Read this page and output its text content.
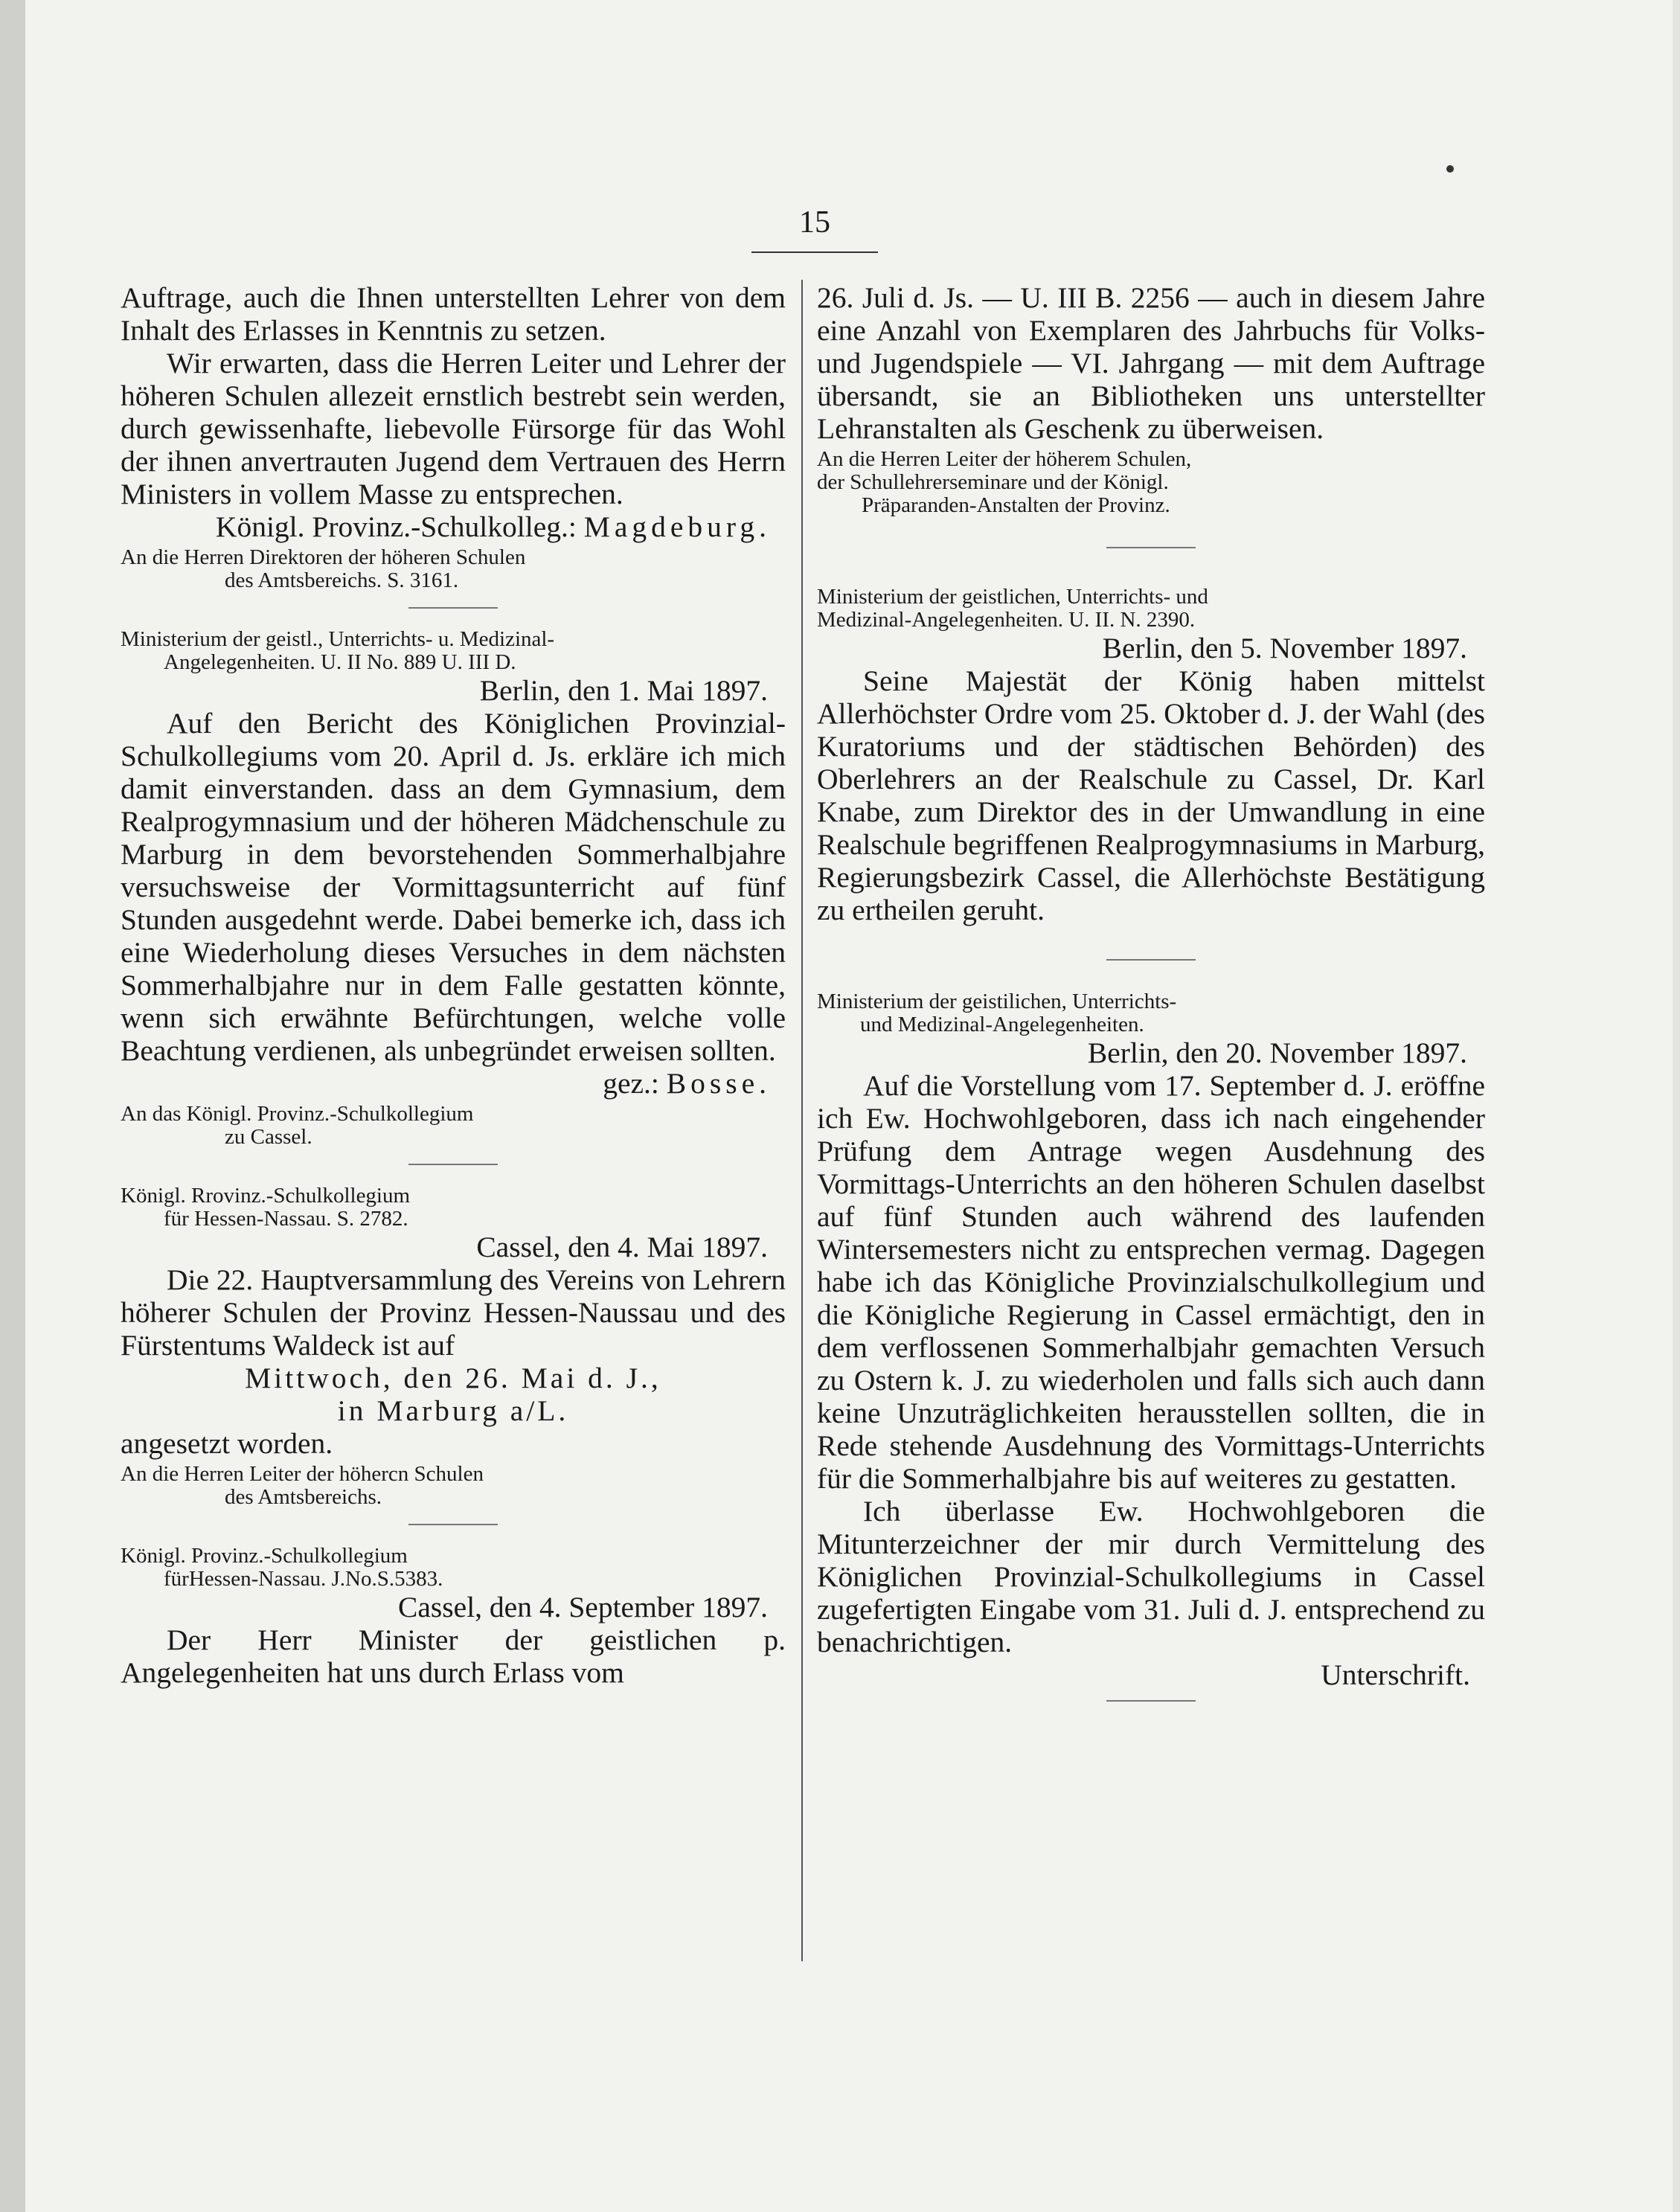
15

Auftrage, auch die Ihnen unterstellten Lehrer von dem Inhalt des Erlasses in Kenntnis zu setzen.

Wir erwarten, dass die Herren Leiter und Lehrer der höheren Schulen allezeit ernstlich bestrebt sein werden, durch gewissenhafte, liebevolle Fürsorge für das Wohl der ihnen anvertrauten Jugend dem Vertrauen des Herrn Ministers in vollem Masse zu entsprechen.

Königl. Provinz.-Schulkolleg.: Magdeburg.

An die Herren Direktoren der höheren Schulen
des Amtsbereichs. S. 3161.
Ministerium der geistl., Unterrichts- u. Medizinal-
Angelegenheiten. U. II No. 889 U. III D.

Berlin, den 1. Mai 1897.

Auf den Bericht des Königlichen Provinzial-Schulkollegiums vom 20. April d. Js. erkläre ich mich damit einverstanden. dass an dem Gymnasium, dem Realprogymnasium und der höheren Mädchenschule zu Marburg in dem bevorstehenden Sommerhalbjahre versuchsweise der Vormittagsunterricht auf fünf Stunden ausgedehnt werde. Dabei bemerke ich, dass ich eine Wiederholung dieses Versuches in dem nächsten Sommerhalbjahre nur in dem Falle gestatten könnte, wenn sich erwähnte Befürchtungen, welche volle Beachtung verdienen, als unbegründet erweisen sollten.

gez.: Bosse.

An das Königl. Provinz.-Schulkollegium
zu Cassel.
Königl. Rrovinz.-Schulkollegium
für Hessen-Nassau. S. 2782.

Cassel, den 4. Mai 1897.

Die 22. Hauptversammlung des Vereins von Lehrern höherer Schulen der Provinz Hessen-Naussau und des Fürstentums Waldeck ist auf

Mittwoch, den 26. Mai d. J.,

in Marburg a/L.

angesetzt worden.

An die Herren Leiter der höhercn Schulen
des Amtsbereichs.
Königl. Provinz.-Schulkollegium
fürHessen-Nassau. J.No.S.5383.

Cassel, den 4. September 1897.

Der Herr Minister der geistlichen p. Angelegenheiten hat uns durch Erlass vom

26. Juli d. Js. — U. III B. 2256 — auch in diesem Jahre eine Anzahl von Exemplaren des Jahrbuchs für Volks- und Jugendspiele — VI. Jahrgang — mit dem Auftrage übersandt, sie an Bibliotheken uns unterstellter Lehranstalten als Geschenk zu überweisen.

An die Herren Leiter der höherem Schulen,
der Schullehrerseminare und der Königl.
Präparanden-Anstalten der Provinz.
Ministerium der geistlichen, Unterrichts- und
Medizinal-Angelegenheiten. U. II. N. 2390.

Berlin, den 5. November 1897.

Seine Majestät der König haben mittelst Allerhöchster Ordre vom 25. Oktober d. J. der Wahl (des Kuratoriums und der städtischen Behörden) des Oberlehrers an der Realschule zu Cassel, Dr. Karl Knabe, zum Direktor des in der Umwandlung in eine Realschule begriffenen Realprogymnasiums in Marburg, Regierungsbezirk Cassel, die Allerhöchste Bestätigung zu ertheilen geruht.

Ministerium der geistilichen, Unterrichts-
und Medizinal-Angelegenheiten.

Berlin, den 20. November 1897.

Auf die Vorstellung vom 17. September d. J. eröffne ich Ew. Hochwohlgeboren, dass ich nach eingehender Prüfung dem Antrage wegen Ausdehnung des Vormittags-Unterrichts an den höheren Schulen daselbst auf fünf Stunden auch während des laufenden Wintersemesters nicht zu entsprechen vermag. Dagegen habe ich das Königliche Provinzialschulkollegium und die Königliche Regierung in Cassel ermächtigt, den in dem verflossenen Sommerhalbjahr gemachten Versuch zu Ostern k. J. zu wiederholen und falls sich auch dann keine Unzuträglichkeiten herausstellen sollten, die in Rede stehende Ausdehnung des Vormittags-Unterrichts für die Sommerhalbjahre bis auf weiteres zu gestatten.

Ich überlasse Ew. Hochwohlgeboren die Mitunterzeichner der mir durch Vermittelung des Königlichen Provinzial-Schulkollegiums in Cassel zugefertigten Eingabe vom 31. Juli d. J. entsprechend zu benachrichtigen.

Unterschrift.
